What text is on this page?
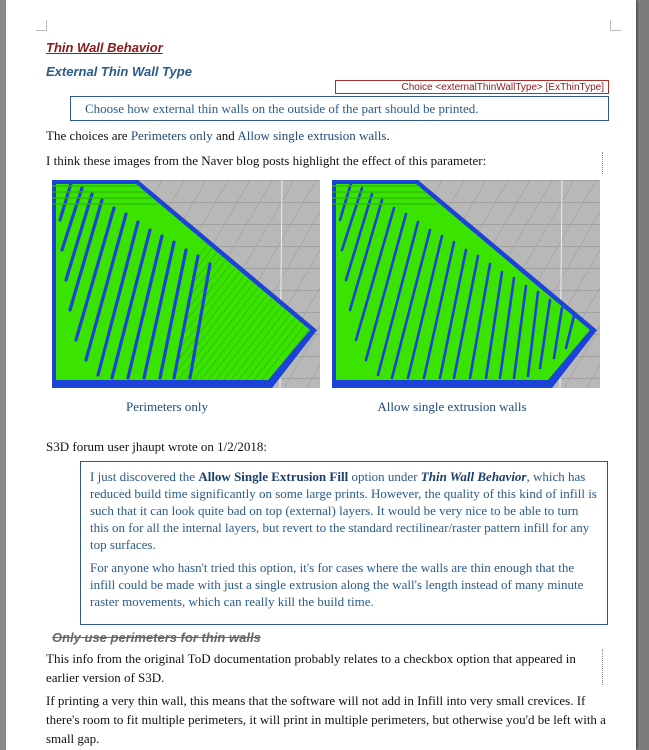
Thin Wall Behavior
External Thin Wall Type
Choice <externalThinWallType> [ExThinType]
Choose how external thin walls on the outside of the part should be printed.
The choices are Perimeters only and Allow single extrusion walls.
I think these images from the Naver blog posts highlight the effect of this parameter:
Perimeters only	Allow single extrusion walls
S3D forum user jhaupt wrote on 1/2/2018:

I just discovered the Allow Single Extrusion Fill option under Thin Wall Behavior, which has reduced build time significantly on some large prints. However, the quality of this kind of infill is such that it can look quite bad on top (external) layers. It would be very nice to be able to turn this on for all the internal layers, but revert to the standard rectilinear/raster pattern infill for any top surfaces.

For anyone who hasn't tried this option, it's for cases where the walls are thin enough that the infill could be made with just a single extrusion along the wall's length instead of many minute raster movements, which can really kill the build time.

Only use perimeters for thin walls
This info from the original ToD documentation probably relates to a checkbox option that appeared in earlier version of S3D.
If printing a very thin wall, this means that the software will not add in Infill into very small crevices. If there's room to fit multiple perimeters, it will print in multiple perimeters, but otherwise you'd be left with a small gap.
